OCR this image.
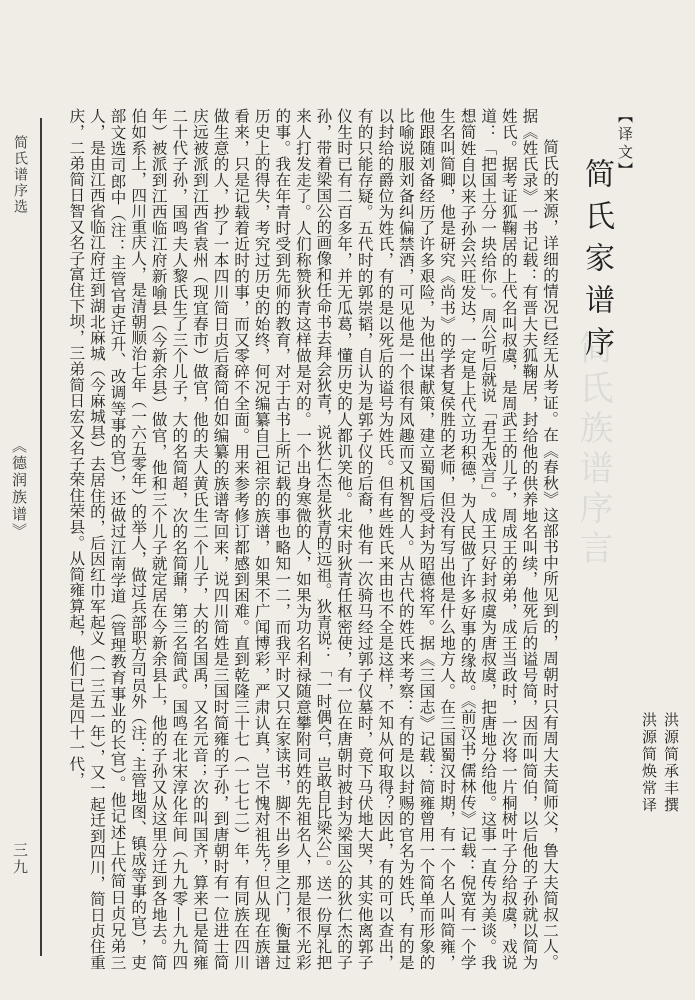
简氏谱序选
《德润族谱》
三九
简氏族谱序言

简氏的来源，详细的情况已经无从考证。在《春秋》这部书中所见到的，周朝时只有周大夫简师父，鲁大夫简叔二人。据《姓氏录》一书记载：有晋大夫狐鞠居，封给他的供养地名叫续，他死后的谥号简，因而叫简伯，以后他的子孙就以简为姓氏。据考证狐鞠居的上代名叫叔虞，是周武王的儿子，周成王的弟弟，成王当政时，一次将一片桐树叶子分给叔虞，戏说道：「把国土分一块给你」。周公听后就说「君无戏言」。成王只好封叔虞为唐叔虞，把唐地分给他。这事一直传为美谈。我想简姓自以来子孙会兴旺发达，一定是上代立功积德，为人民做了许多好事的缘故。《前汉书·儒林传》记载：倪宽有一个学生名叫简卿，他是研究《尚书》的学者复侯胜的老师，但没有写出他是什么地方人。在三国蜀汉时期，有一个名人叫简雍，他跟随刘备经历了许多艰险，为他出谋献策，建立蜀国后受封为昭德将军。据《三国志》记载：简雍曾用一个简单而形象的比喻说服刘备纠偏禁酒，可见他是一个很有风趣而又机智的人。从古代的姓氏来考察：有的是以封赐的官名为姓氏，有的是以封给的爵位为姓氏，有的是以死后的谥号为姓氏。但有些姓氏来由也不全是这样，不知从何取得？因此，有的可以查出，有的只能存疑。五代时的郭崇韬，自认为是郭子仪的后裔，他有一次骑马经过郭子仪墓时，竟下马伏地大哭，其实他离郭子仪生时已有二百多年，并无瓜葛，懂历史的人都讥笑他。北宋时狄青任枢密使，有一位在唐朝时被封为梁国公的狄仁杰的子孙，带着梁国公的画像和任命书去拜会狄青，说狄仁杰是狄青的远祖。狄青说：「一时偶合，岂敢自比梁公」。送一份厚礼把来人打发走了。人们称赞狄青这样做是对的。一个出身寒微的人，如果为功名利禄随意攀附同姓的先祖名人，那是很不光彩的事。我在年青时受到先师的教育，对于古书上所记载的事也略知一二，而我平时又只在家读书，脚不出乡里之门，衡量过历史上的得失，考究过历史的始终，何况编纂自己祖宗的族谱，如果不广闻博彩，严肃认真，岂不愧对祖先？但从现在族谱看来，只是记载着近时的事，而又零碎不全面。用来参考修订都感到困难。直到乾隆三十七（一七七二）年，有同族在四川做生意的人，抄了一本四川简日贞后裔简伯如编纂的族谱寄回来，说四川简姓是三国时简雍的子孙，到唐朝时有一位进士简庆远被派到江西省袁州（现宜春市）做官，他的夫人黄氏生二个儿子，大的名国禹，又名元音；次的叫国齐，算来已是简雍二十代子孙，国鸣夫人黎氏生了三个儿子，大的名简超，次的名简鼐，第三名简武。国鸣在北宋淳化年间（九九零—九九四年）被派到江西临江府新喻县（今新余县）做官，他和三个儿子就定居在今新余县上，他的子孙又从这里分迁到各地去。简伯如系上，四川重庆人，是清朝顺治七年（一六五零年）的举人，做过兵部职方司员外（注：主管地图、镇成等事的官），吏部文选司郎中（注：主管官吏迁升、改调等事的官），还做过江南学道（管理教育事业的长官）。他记述上代简日贞兄弟三人，是由江西省临江府迁到湖北麻城（今麻城县）去居住的，后因红巾军起义（一三五一年），又一起迁到四川，简日贞住重庆，二弟简日智又名子富住下坝，三弟简日宏又名子荣住荣县。从简雍算起，他们已是四十一代，	【译文】
简氏家谱序
洪源简承丰撰
洪源简焕常译
